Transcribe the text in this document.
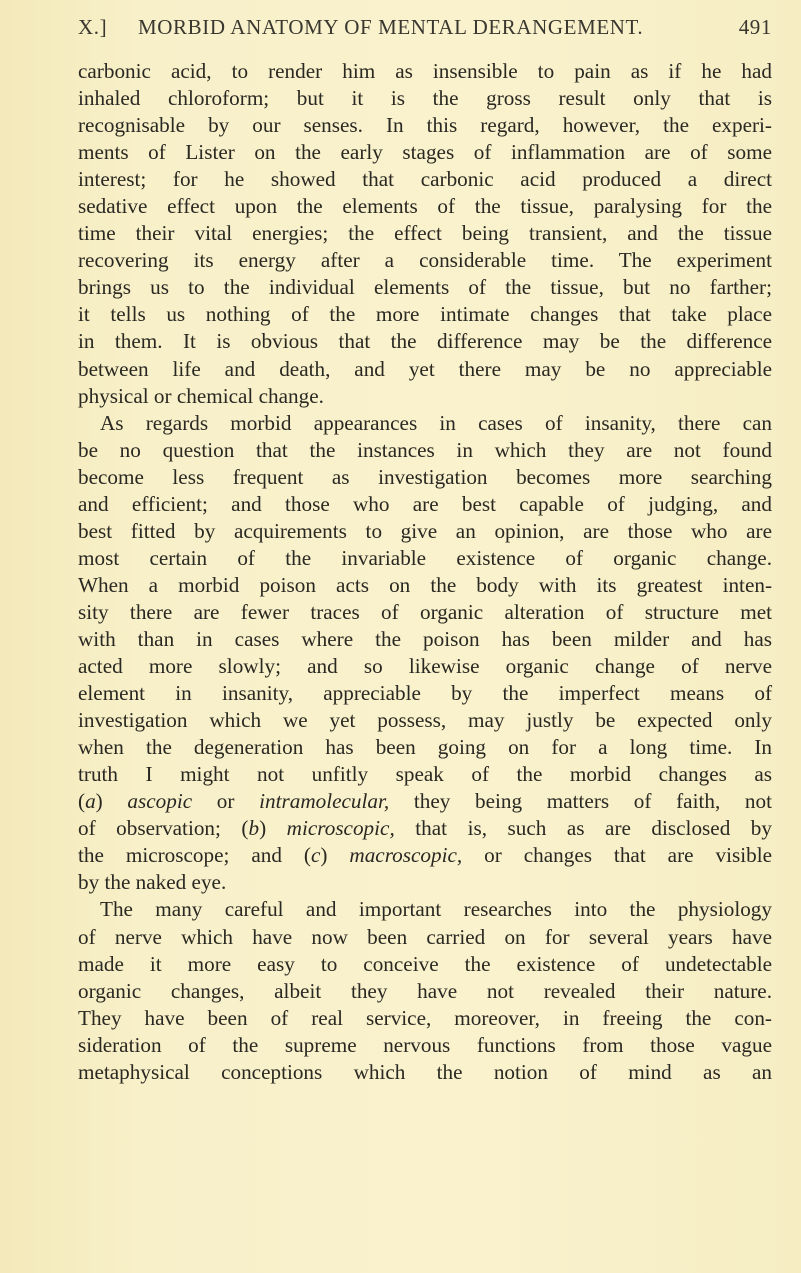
X.] MORBID ANATOMY OF MENTAL DERANGEMENT.	491
carbonic acid, to render him as insensible to pain as if he had
inhaled chloroform; but it is the gross result only that is
recognisable by our senses. In this regard, however, the experi-
ments of Lister on the early stages of inflammation are of some
interest; for he showed that carbonic acid produced a direct
sedative effect upon the elements of the tissue, paralysing for the
time their vital energies; the effect being transient, and the tissue
recovering its energy after a considerable time. The experiment
brings us to the individual elements of the tissue, but no farther;
it tells us nothing of the more intimate changes that take place
in them. It is obvious that the difference may be the difference
between life and death, and yet there may be no appreciable
physical or chemical change.
As regards morbid appearances in cases of insanity, there can
be no question that the instances in which they are not found
become less frequent as investigation becomes more searching
and efficient; and those who are best capable of judging, and
best fitted by acquirements to give an opinion, are those who are
most certain of the invariable existence of organic change.
When a morbid poison acts on the body with its greatest inten-
sity there are fewer traces of organic alteration of structure met
with than in cases where the poison has been milder and has
acted more slowly; and so likewise organic change of nerve
element in insanity, appreciable by the imperfect means of
investigation which we yet possess, may justly be expected only
when the degeneration has been going on for a long time. In
truth I might not unfitly speak of the morbid changes as
(a) ascopic or intramolecular, they being matters of faith, not
of observation; (b) microscopic, that is, such as are disclosed by
the microscope; and (c) macroscopic, or changes that are visible
by the naked eye.
The many careful and important researches into the physiology
of nerve which have now been carried on for several years have
made it more easy to conceive the existence of undetectable
organic changes, albeit they have not revealed their nature.
They have been of real service, moreover, in freeing the con-
sideration of the supreme nervous functions from those vague
metaphysical conceptions which the notion of mind as an
